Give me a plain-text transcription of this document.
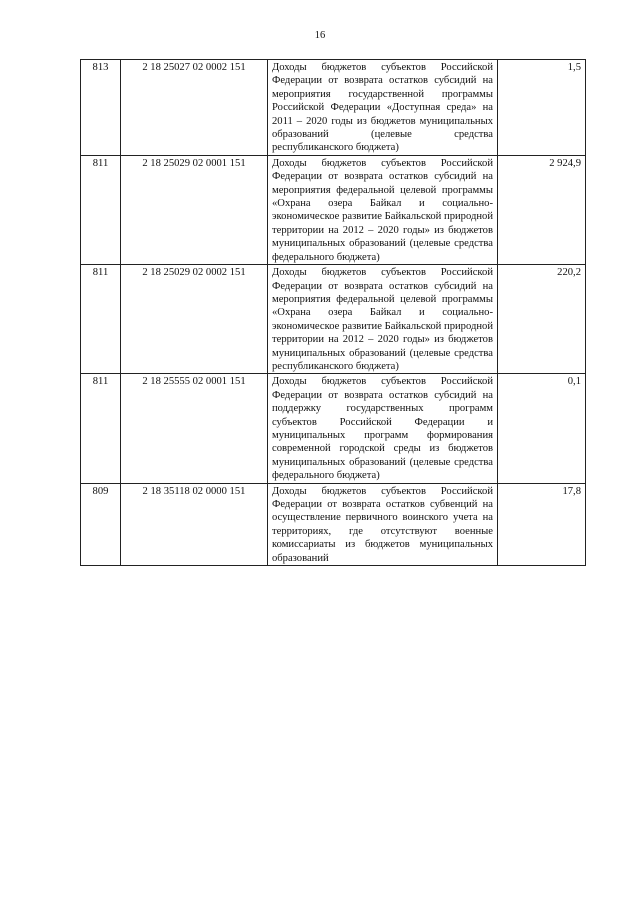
16
813	2 18 25027 02 0002 151	Доходы бюджетов субъектов Российской Федерации от возврата остатков субсидий на мероприятия государственной программы Российской Федерации «Доступная среда» на 2011 – 2020 годы из бюджетов муниципальных образований (целевые средства республиканского бюджета)	1,5
811	2 18 25029 02 0001 151	Доходы бюджетов субъектов Российской Федерации от возврата остатков субсидий на мероприятия федеральной целевой программы «Охрана озера Байкал и социально-экономическое развитие Байкальской природной территории на 2012 – 2020 годы» из бюджетов муниципальных образований (целевые средства федерального бюджета)	2 924,9
811	2 18 25029 02 0002 151	Доходы бюджетов субъектов Российской Федерации от возврата остатков субсидий на мероприятия федеральной целевой программы «Охрана озера Байкал и социально-экономическое развитие Байкальской природной территории на 2012 – 2020 годы» из бюджетов муниципальных образований (целевые средства республиканского бюджета)	220,2
811	2 18 25555 02 0001 151	Доходы бюджетов субъектов Российской Федерации от возврата остатков субсидий на поддержку государственных программ субъектов Российской Федерации и муниципальных программ формирования современной городской среды из бюджетов муниципальных образований (целевые средства федерального бюджета)	0,1
809	2 18 35118 02 0000 151	Доходы бюджетов субъектов Российской Федерации от возврата остатков субвенций на осуществление первичного воинского учета на территориях, где отсутствуют военные комиссариаты из бюджетов муниципальных образований	17,8
